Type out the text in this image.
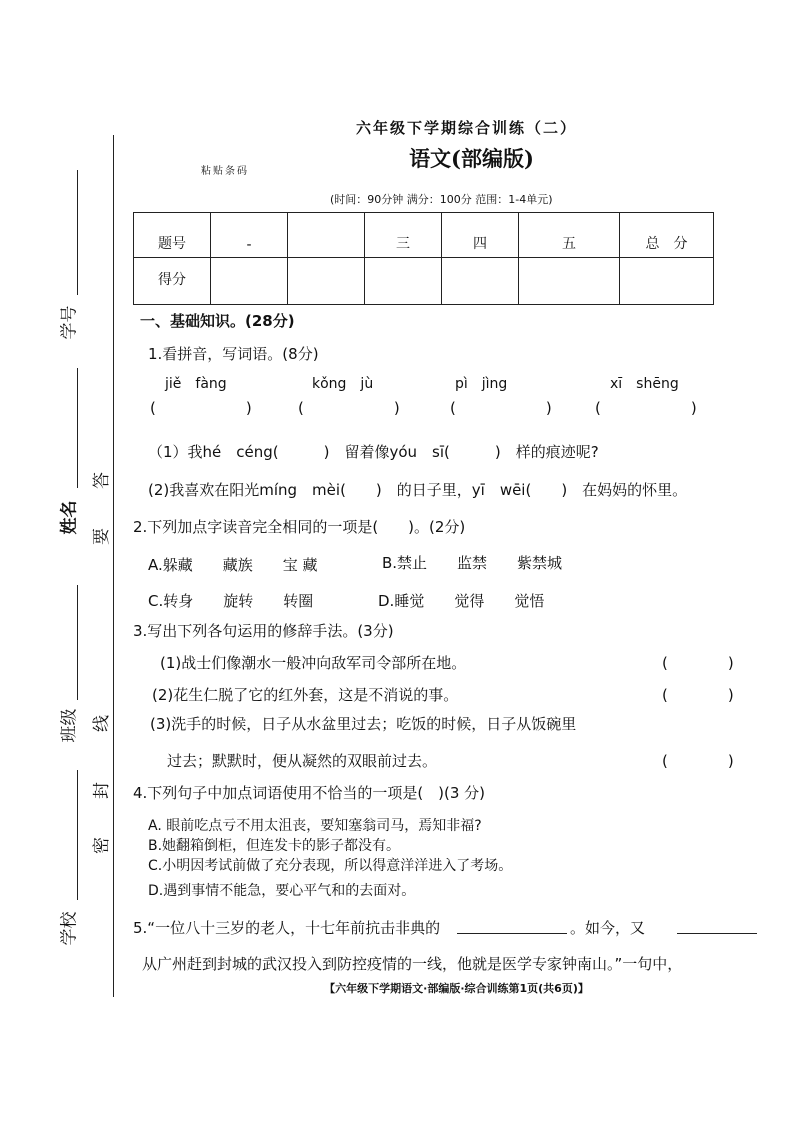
学号
姓名
班级
学校
答
要
线
封
密
六年级下学期综合训练（二）
语文(部编版)
粘贴条码
(时间：90分钟 满分：100分 范围：1-4单元)
题号	-		三	四	五	总　分
得分						
一、基础知识。(28分)
1.看拼音，写词语。(8分)
jiě　fàng	kǒng　jù	pì　jìng	xī　shēng
(　　　　　　)	(　　　　　　)	(　　　　　　)	(　　　　　　)
（1）我hé　céng(　　　)　留着像yóu　sī(　　　)　样的痕迹呢?
(2)我喜欢在阳光míng　mèi(　　)　的日子里，yī　wēi(　　)　在妈妈的怀里。
2.下列加点字读音完全相同的一项是(　　)。(2分)
A.躲藏　　藏族　　宝 藏	B.禁止　　监禁　　紫禁城
C.转身　　旋转　　转圈	D.睡觉　　觉得　　觉悟
3.写出下列各句运用的修辞手法。(3分)
(1)战士们像潮水一般冲向敌军司令部所在地。	(　　　　)
(2)花生仁脱了它的红外套，这是不消说的事。	(　　　　)
(3)洗手的时候，日子从水盆里过去；吃饭的时候，日子从饭碗里
过去；默默时，便从凝然的双眼前过去。	(　　　　)
4.下列句子中加点词语使用不恰当的一项是(　)(3 分)
A. 眼前吃点亏不用太沮丧，要知塞翁司马，焉知非福?
B.她翻箱倒柜，但连发卡的影子都没有。
C.小明因考试前做了充分表现，所以得意洋洋进入了考场。
D.遇到事情不能急，要心平气和的去面对。
5.“一位八十三岁的老人，十七年前抗击非典的	。如今，又
从广州赶到封城的武汉投入到防控疫情的一线，他就是医学专家钟南山。”一句中，
【六年级下学期语文·部编版·综合训练第1页(共6页)】
